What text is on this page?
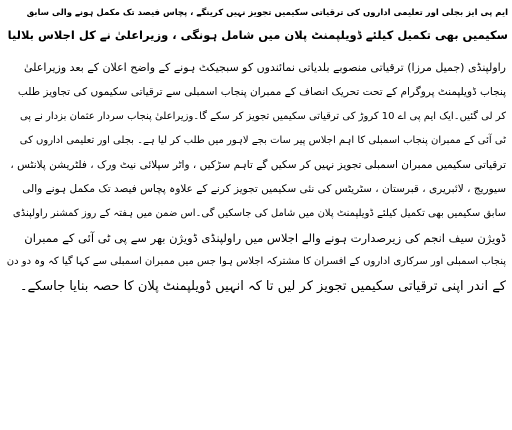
ایم پی ایز بجلی اور تعلیمی اداروں کی ترقیاتی سکیمیں تجویز نہیں کرینگے ، پچاس فیصد تک مکمل ہونے والی سابق
سکیمیں بھی تکمیل کیلئے ڈویلپمنٹ پلان میں شامل ہونگی ، وزیراعلیٰ نے کل اجلاس بلالیا
راولپنڈی (جمیل مرزا) ترقیاتی منصوبے بلدیاتی نمائندوں کو سبجیکٹ ہونے کے واضح اعلان کے بعد وزیراعلیٰ
پنجاب ڈویلپمنٹ پروگرام کے تحت تحریک انصاف کے ممبران پنجاب اسمبلی سے ترقیاتی سکیموں کی تجاویز طلب
کر لی گئیں۔ایک ایم پی اے 10 کروڑ کی ترقیاتی سکیمیں تجویز کر سکے گا۔وزیراعلیٰ پنجاب سردار عثمان بزدار نے پی
ٹی آئی کے ممبران پنجاب اسمبلی کا اہم اجلاس پیر سات بجے لاہور میں طلب کر لیا ہے۔ بجلی اور تعلیمی اداروں کی
ترقیاتی سکیمیں ممبران اسمبلی تجویز نہیں کر سکیں گے تاہم سڑکیں ، واٹر سپلائی نیٹ ورک ، فلٹریشن پلانٹس ،
سیوریج ، لائبریری ، قبرستان ، سٹریٹس کی نئی سکیمیں تجویز کرنے کے علاوہ پچاس فیصد تک مکمل ہونے والی
سابق سکیمیں بھی تکمیل کیلئے ڈویلپمنٹ پلان میں شامل کی جاسکیں گی۔اس ضمن میں ہفتہ کے روز کمشنر راولپنڈی
ڈویژن سیف انجم کی زیرصدارت ہونے والے اجلاس میں راولپنڈی ڈویژن بھر سے پی ٹی آئی کے ممبران
پنجاب اسمبلی اور سرکاری اداروں کے افسران کا مشترکہ اجلاس ہوا جس میں ممبران اسمبلی سے کہا گیا کہ وہ دو دن
کے اندر اپنی ترقیاتی سکیمیں تجویز کر لیں تا کہ انہیں ڈویلپمنٹ پلان کا حصہ بنایا جاسکے۔
